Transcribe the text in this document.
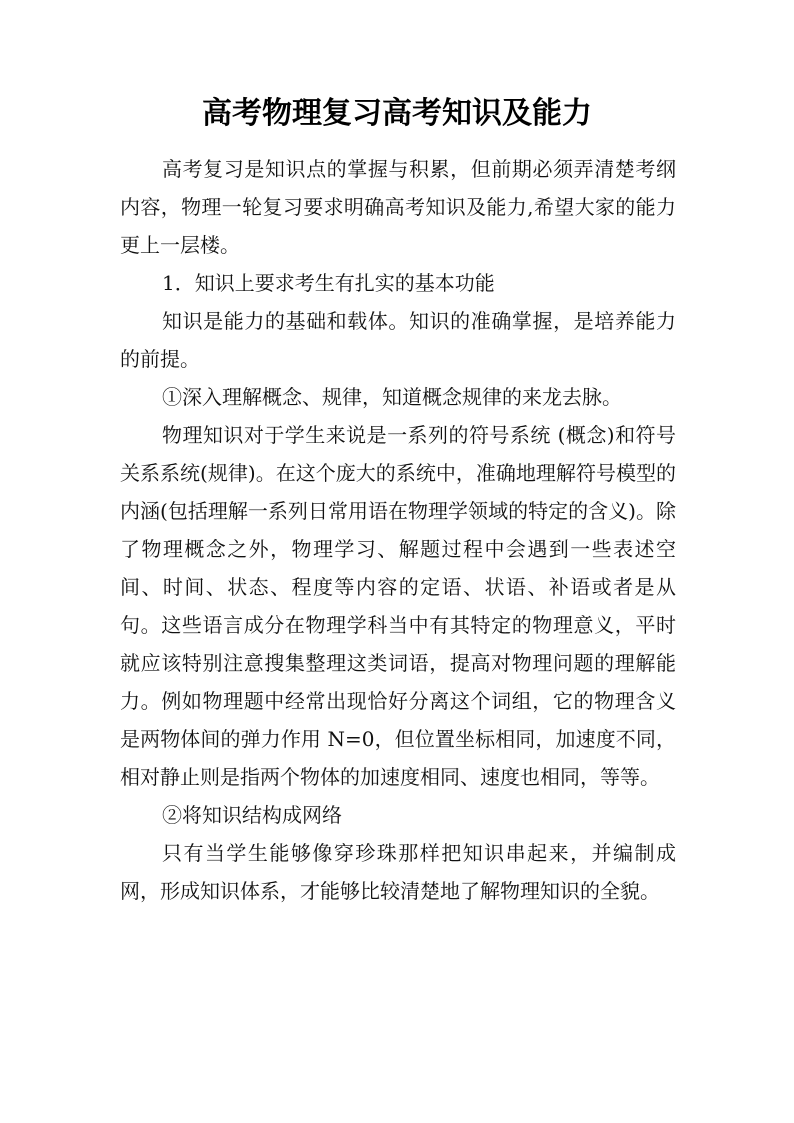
高考物理复习高考知识及能力

高考复习是知识点的掌握与积累，但前期必须弄清楚考纲内容，物理一轮复习要求明确高考知识及能力,希望大家的能力更上一层楼。

1．知识上要求考生有扎实的基本功能

知识是能力的基础和载体。知识的准确掌握，是培养能力的前提。

①深入理解概念、规律，知道概念规律的来龙去脉。

物理知识对于学生来说是一系列的符号系统 (概念)和符号关系系统(规律)。在这个庞大的系统中，准确地理解符号模型的内涵(包括理解一系列日常用语在物理学领域的特定的含义)。除了物理概念之外，物理学习、解题过程中会遇到一些表述空间、时间、状态、程度等内容的定语、状语、补语或者是从句。这些语言成分在物理学科当中有其特定的物理意义，平时就应该特别注意搜集整理这类词语，提高对物理问题的理解能力。例如物理题中经常出现恰好分离这个词组，它的物理含义是两物体间的弹力作用 N=0，但位置坐标相同，加速度不同，相对静止则是指两个物体的加速度相同、速度也相同，等等。

②将知识结构成网络

只有当学生能够像穿珍珠那样把知识串起来，并编制成网，形成知识体系，才能够比较清楚地了解物理知识的全貌。
